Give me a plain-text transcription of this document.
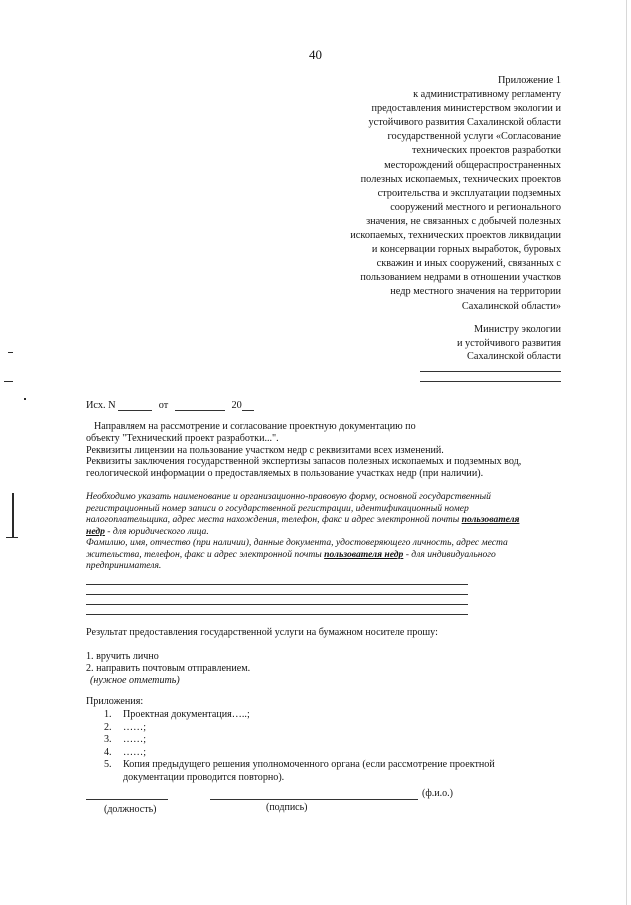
40
Приложение 1
к административному регламенту
предоставления министерством экологии и
устойчивого развития Сахалинской области
государственной услуги «Согласование
технических проектов разработки
месторождений общераспространенных
полезных ископаемых, технических проектов
строительства и эксплуатации подземных
сооружений местного и регионального
значения, не связанных с добычей полезных
ископаемых, технических проектов ликвидации
и консервации горных выработок, буровых
скважин и иных сооружений, связанных с
пользованием недрами в отношении участков
недр местного значения на территории
Сахалинской области»
Министру экологии
и устойчивого развития
Сахалинской области
Исх. N	от	20
Направляем на рассмотрение и согласование проектную документацию по
объекту "Технический проект разработки...".
Реквизиты лицензии на пользование участком недр с реквизитами всех изменений.
Реквизиты заключения государственной экспертизы запасов полезных ископаемых и подземных вод,
геологической информации о предоставляемых в пользование участках недр (при наличии).
Необходимо указать наименование и организационно-правовую форму, основной государственный
регистрационный номер записи о государственной регистрации, идентификационный номер
налогоплательщика, адрес места нахождения, телефон, факс и адрес электронной почты пользователя
недр - для юридического лица.
Фамилию, имя, отчество (при наличии), данные документа, удостоверяющего личность, адрес места
жительства, телефон, факс и адрес электронной почты пользователя недр - для индивидуального
предпринимателя.
Результат предоставления государственной услуги на бумажном носителе прошу:
1. вручить лично
2. направить почтовым отправлением.
(нужное отметить)
Приложения:
1.	Проектная документация…..;
2.	……;
3.	……;
4.	……;
5.	Копия предыдущего решения уполномоченного органа (если рассмотрение проектной
документации проводится повторно).
(ф.и.о.)
(должность)	(подпись)
